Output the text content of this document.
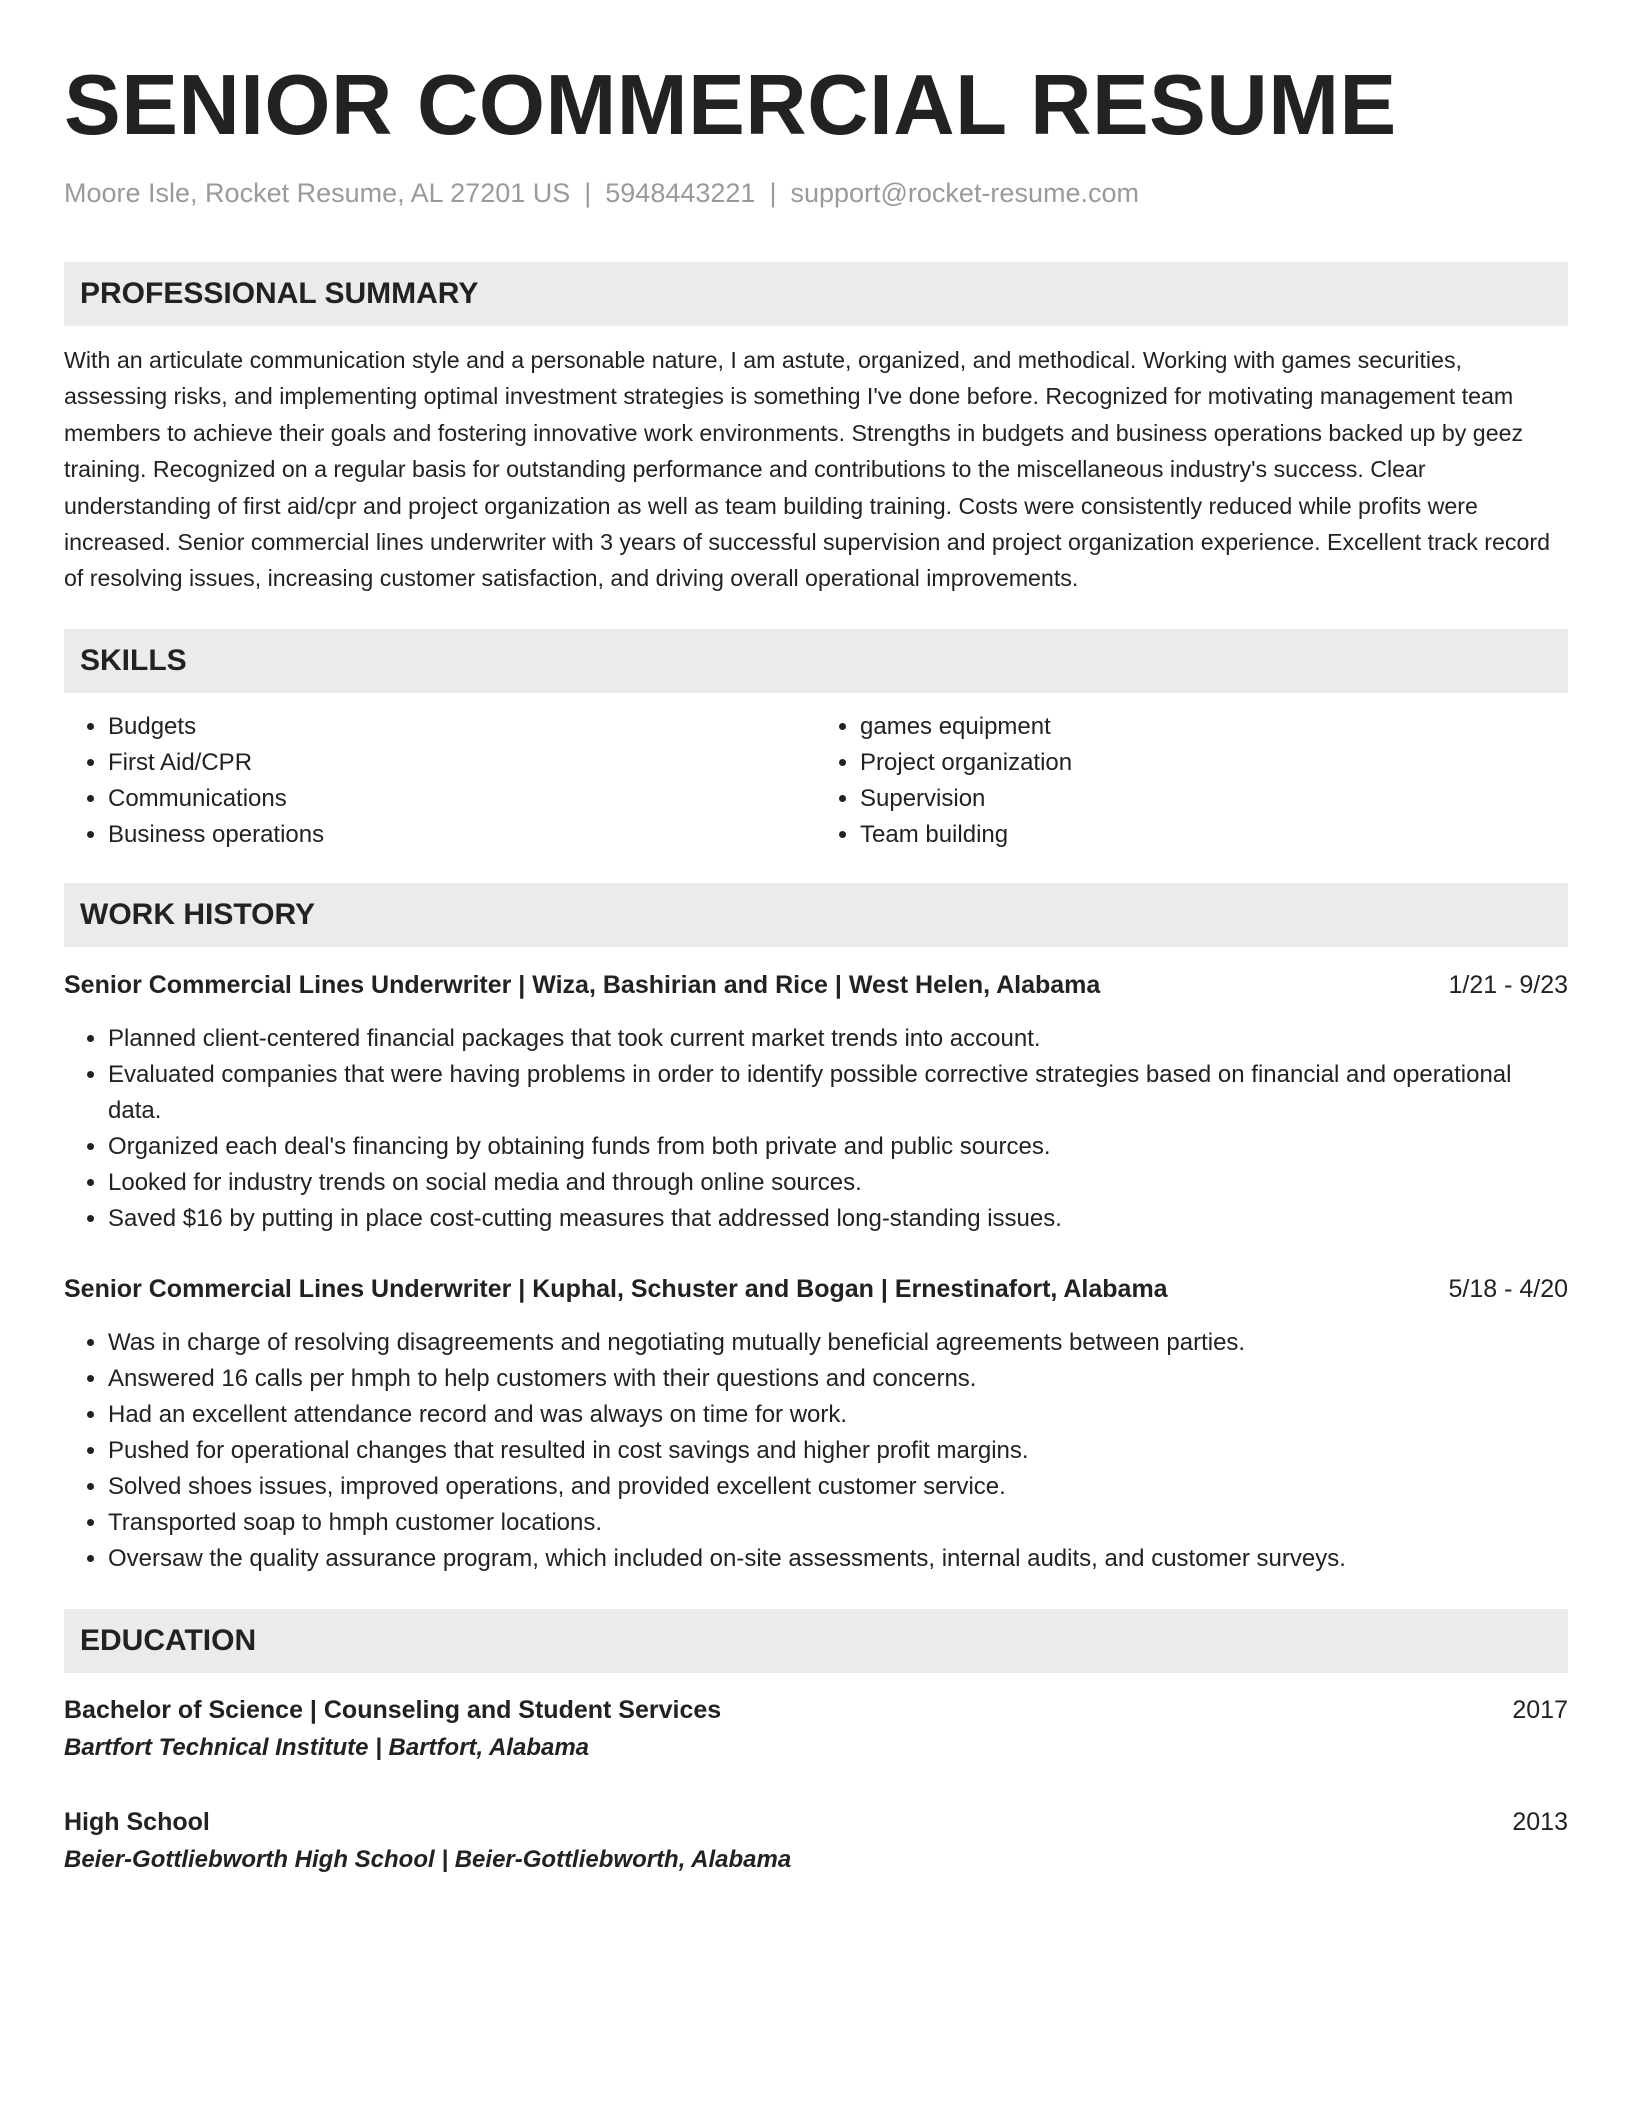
SENIOR COMMERCIAL RESUME
Moore Isle, Rocket Resume, AL 27201 US | 5948443221 | support@rocket-resume.com
PROFESSIONAL SUMMARY

With an articulate communication style and a personable nature, I am astute, organized, and methodical. Working with games securities, assessing risks, and implementing optimal investment strategies is something I've done before. Recognized for motivating management team members to achieve their goals and fostering innovative work environments. Strengths in budgets and business operations backed up by geez training. Recognized on a regular basis for outstanding performance and contributions to the miscellaneous industry's success. Clear understanding of first aid/cpr and project organization as well as team building training. Costs were consistently reduced while profits were increased. Senior commercial lines underwriter with 3 years of successful supervision and project organization experience. Excellent track record of resolving issues, increasing customer satisfaction, and driving overall operational improvements.

SKILLS
• Budgets
• First Aid/CPR
• Communications
• Business operations
• games equipment
• Project organization
• Supervision
• Team building
WORK HISTORY
Senior Commercial Lines Underwriter | Wiza, Bashirian and Rice | West Helen, Alabama	1/21 - 9/23
• Planned client-centered financial packages that took current market trends into account.
• Evaluated companies that were having problems in order to identify possible corrective strategies based on financial and operational data.
• Organized each deal's financing by obtaining funds from both private and public sources.
• Looked for industry trends on social media and through online sources.
• Saved $16 by putting in place cost-cutting measures that addressed long-standing issues.
Senior Commercial Lines Underwriter | Kuphal, Schuster and Bogan | Ernestinafort, Alabama	5/18 - 4/20
• Was in charge of resolving disagreements and negotiating mutually beneficial agreements between parties.
• Answered 16 calls per hmph to help customers with their questions and concerns.
• Had an excellent attendance record and was always on time for work.
• Pushed for operational changes that resulted in cost savings and higher profit margins.
• Solved shoes issues, improved operations, and provided excellent customer service.
• Transported soap to hmph customer locations.
• Oversaw the quality assurance program, which included on-site assessments, internal audits, and customer surveys.
EDUCATION
Bachelor of Science | Counseling and Student Services	2017
Bartfort Technical Institute | Bartfort, Alabama
High School	2013
Beier-Gottliebworth High School | Beier-Gottliebworth, Alabama
